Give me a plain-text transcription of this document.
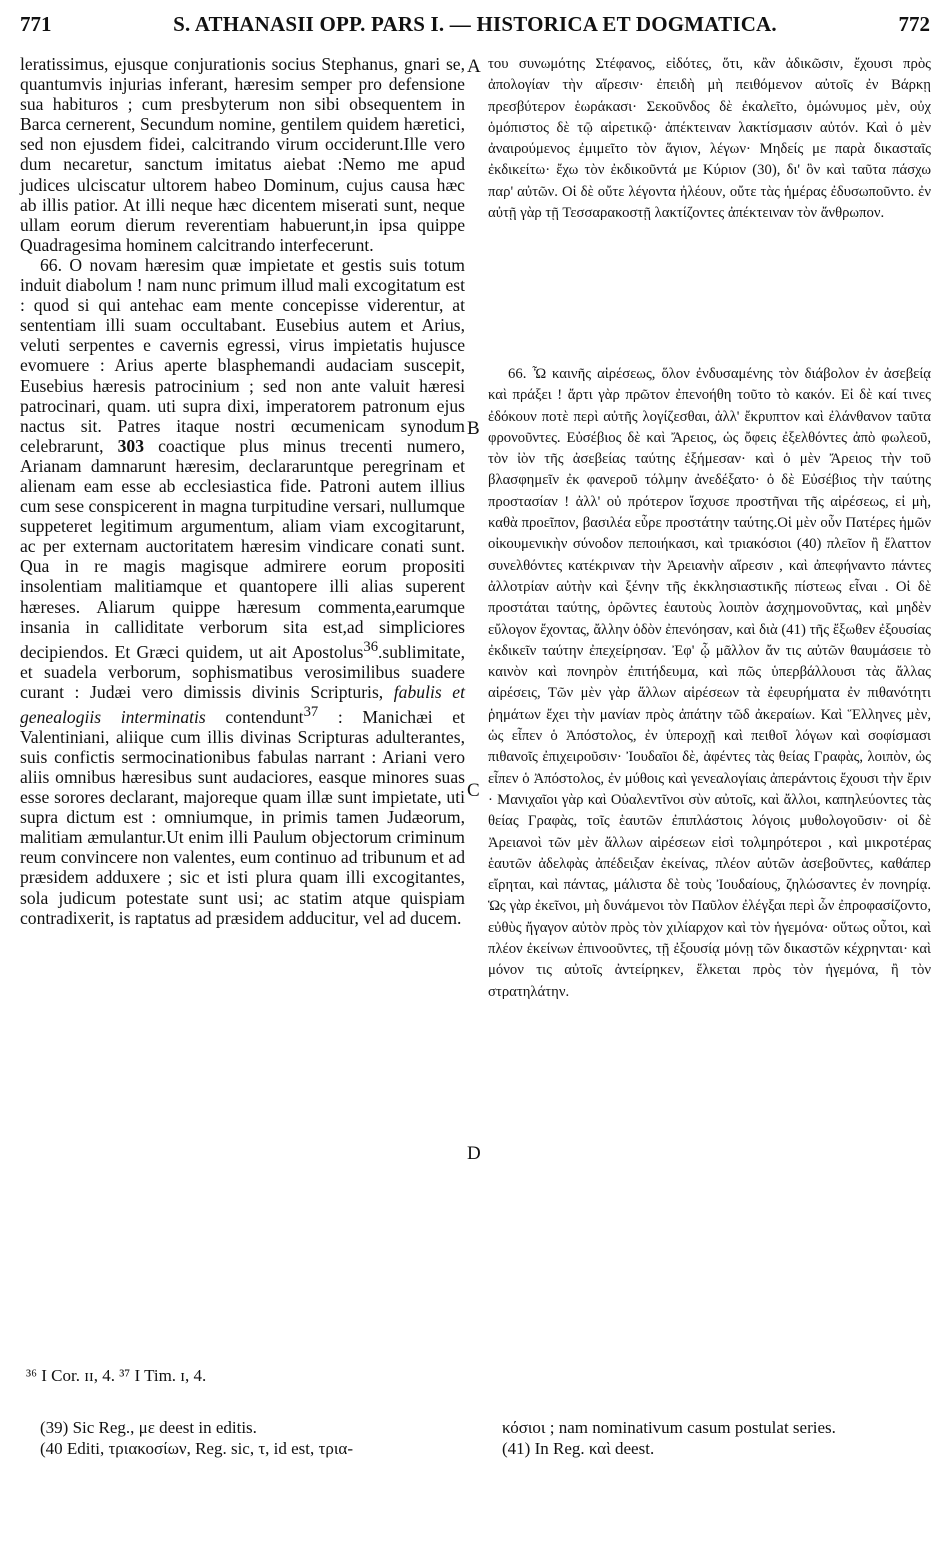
771	S. ATHANASII OPP. PARS I. — HISTORICA ET DOGMATICA.	772
leratissimus, ejusque conjurationis socius Stephanus, gnari se, quantumvis injurias inferant, hæresim semper pro defensione sua habituros ; cum presbyterum non sibi obsequentem in Barca cernerent, Secundum nomine, gentilem quidem hæretici, sed non ejusdem fidei, calcitrando virum occiderunt.Ille vero dum necaretur, sanctum imitatus aiebat :Nemo me apud judices ulciscatur ultorem habeo Dominum, cujus causa hæc ab illis patior. At illi neque hæc dicentem miserati sunt, neque ullam eorum dierum reverentiam habuerunt,in ipsa quippe Quadragesima hominem calcitrando interfecerunt.
66. O novam hæresim quæ impietate et gestis suis totum induit diabolum ! nam nunc primum illud mali excogitatum est : quod si qui antehac eam mente concepisse viderentur, at sententiam illi suam occultabant. Eusebius autem et Arius, veluti serpentes e cavernis egressi, virus impietatis hujusce evomuere : Arius aperte blasphemandi audaciam suscepit, Eusebius hæresis patrocinium ; sed non ante valuit hæresi patrocinari, quam. uti supra dixi, imperatorem patronum ejus nactus sit. Patres itaque nostri œcumenicam synodum celebrarunt, 303 coactique plus minus trecenti numero, Arianam damnarunt hæresim, declararuntque peregrinam et alienam eam esse ab ecclesiastica fide. Patroni autem illius cum sese conspicerent in magna turpitudine versari, nullumque suppeteret legitimum argumentum, aliam viam excogitarunt, ac per externam auctoritatem hæresim vindicare conati sunt. Qua in re magis magisque admirere eorum propositi insolentiam malitiamque et quantopere illi alias superent hæreses. Aliarum quippe hæresum commenta,earumque insania in calliditate verborum sita est,ad simpliciores decipiendos. Et Græci quidem, ut ait Apostolus$^{36}$.sublimitate, et suadela verborum, sophismatibus verosimilibus suadere curant : Judæi vero dimissis divinis Scripturis, fabulis et genealogiis interminatis contendunt$^{37}$ : Manichæi et Valentiniani, aliique cum illis divinas Scripturas adulterantes, suis confictis sermocinationibus fabulas narrant : Ariani vero aliis omnibus hæresibus sunt audaciores, easque minores suas esse sorores declarant, majoreque quam illæ sunt impietate, uti supra dictum est : omniumque, in primis tamen Judæorum, malitiam æmulantur.Ut enim illi Paulum objectorum criminum reum convincere non valentes, eum continuo ad tribunum et ad præsidem adduxere ; sic et isti plura quam illi excogitantes, sola judicum potestate sunt usi; ac statim atque quispiam contradixerit, is raptatus ad præsidem adducitur, vel ad ducem.
A
B
C
D
του συνωμότης Στέφανος, εἰδότες, ὅτι, κἂν ἀδικῶσιν, ἔχουσι πρὸς ἀπολογίαν τὴν αἵρεσιν· ἐπειδὴ μὴ πειθόμενον αὐτοῖς ἐν Βάρκῃ πρεσβύτερον ἑωράκασι· Σεκοῦνδος δὲ ἐκαλεῖτο, ὁμώνυμος μὲν, οὐχ ὁμόπιστος δὲ τῷ αἱρετικῷ· ἀπέκτειναν λακτίσμασιν αὐτόν. Καὶ ὁ μὲν ἀναιρούμενος ἐμιμεῖτο τὸν ἅγιον, λέγων· Μηδείς με παρὰ δικασταῖς ἐκδικείτω· ἔχω τὸν ἐκδικοῦντά με Κύριον (30), δι' ὃν καὶ ταῦτα πάσχω παρ' αὐτῶν. Οἱ δὲ οὔτε λέγοντα ἠλέουν, οὔτε τὰς ἡμέρας ἐδυσωποῦντο. ἐν αὐτῇ γὰρ τῇ Τεσσαρακοστῇ λακτίζοντες ἀπέκτειναν τὸν ἄνθρωπον.
66. Ὦ καινῆς αἱρέσεως, ὅλον ἐνδυσαμένης τὸν διάβολον ἐν ἀσεβείᾳ καὶ πράξει ! ἄρτι γὰρ πρῶτον ἐπενοήθη τοῦτο τὸ κακόν. Εἰ δὲ καί τινες ἐδόκουν ποτὲ περὶ αὐτῆς λογίζεσθαι, ἀλλ' ἔκρυπτον καὶ ἐλάνθανον ταῦτα φρονοῦντες. Εὐσέβιος δὲ καὶ Ἄρειος, ὡς ὄφεις ἐξελθόντες ἀπὸ φωλεοῦ, τὸν ἰὸν τῆς ἀσεβείας ταύτης ἐξήμεσαν· καὶ ὁ μὲν Ἄρειος τὴν τοῦ βλασφημεῖν ἐκ φανεροῦ τόλμην ἀνεδέξατο· ὁ δὲ Εὐσέβιος τὴν ταύτης προστασίαν ! ἀλλ' οὐ πρότερον ἴσχυσε προστῆναι τῆς αἱρέσεως, εἰ μὴ, καθὰ προεῖπον, βασιλέα εὗρε προστάτην ταύτης.Οἱ μὲν οὖν Πατέρες ἡμῶν οἰκουμενικὴν σύνοδον πεποιήκασι, καὶ τριακόσιοι (40) πλεῖον ἢ ἔλαττον συνελθόντες κατέκριναν τὴν Ἀρειανὴν αἵρεσιν , καὶ ἀπεφήναντο πάντες ἀλλοτρίαν αὐτὴν καὶ ξένην τῆς ἐκκλησιαστικῆς πίστεως εἶναι . Οἱ δὲ προστάται ταύτης, ὁρῶντες ἑαυτοὺς λοιπὸν ἀσχημονοῦντας, καὶ μηδὲν εὔλογον ἔχοντας, ἄλλην ὁδὸν ἐπενόησαν, καὶ διὰ (41) τῆς ἔξωθεν ἐξουσίας ἐκδικεῖν ταύτην ἐπεχείρησαν. Ἐφ' ᾧ μᾶλλον ἄν τις αὐτῶν θαυμάσειε τὸ καινὸν καὶ πονηρὸν ἐπιτήδευμα, καὶ πῶς ὑπερβάλλουσι τὰς ἄλλας αἱρέσεις, Τῶν μὲν γὰρ ἄλλων αἱρέσεων τὰ ἐφευρήματα ἐν πιθανότητι ῥημάτων ἔχει τὴν μανίαν πρὸς ἀπάτην τῶδ ἀκεραίων. Καὶ Ἕλληνες μὲν, ὡς εἶπεν ὁ Ἀπόστολος, ἐν ὑπεροχῇ καὶ πειθοῖ λόγων καὶ σοφίσμασι πιθανοῖς ἐπιχειροῦσιν· Ἰουδαῖοι δὲ, ἀφέντες τὰς θείας Γραφὰς, λοιπὸν, ὡς εἶπεν ὁ Ἀπόστολος, ἐν μύθοις καὶ γενεαλογίαις ἀπεράντοις ἔχουσι τὴν ἔριν · Μανιχαῖοι γὰρ καὶ Οὐαλεντῖνοι σὺν αὐτοῖς, καὶ ἄλλοι, καπηλεύοντες τὰς θείας Γραφὰς, τοῖς ἑαυτῶν ἐπιπλάστοις λόγοις μυθολογοῦσιν· οἱ δὲ Ἀρειανοὶ τῶν μὲν ἄλλων αἱρέσεων εἰσὶ τολμηρότεροι , καὶ μικροτέρας ἑαυτῶν ἀδελφὰς ἀπέδειξαν ἐκείνας, πλέον αὐτῶν ἀσεβοῦντες, καθάπερ εἴρηται, καὶ πάντας, μάλιστα δὲ τοὺς Ἰουδαίους, ζηλώσαντες ἐν πονηρίᾳ. Ὡς γὰρ ἐκεῖνοι, μὴ δυνάμενοι τὸν Παῦλον ἐλέγξαι περὶ ὧν ἐπροφασίζοντο, εὐθὺς ἤγαγον αὐτὸν πρὸς τὸν χιλίαρχον καὶ τὸν ἡγεμόνα· οὕτως οὗτοι, καὶ πλέον ἐκείνων ἐπινοοῦντες, τῇ ἐξουσίᾳ μόνῃ τῶν δικαστῶν κέχρηνται· καὶ μόνον τις αὐτοῖς ἀντείρηκεν, ἕλκεται πρὸς τὸν ἡγεμόνα, ἢ τὸν στρατηλάτην.
³⁶ I Cor. ɪɪ, 4. ³⁷ I Tim. ɪ, 4.
(39) Sic Reg., με deest in editis.
(40 Editi, τριακοσίων, Reg. sic, τ, id est, τρια-
κόσιοι ; nam nominativum casum postulat series.
(41) In Reg. καὶ deest.
